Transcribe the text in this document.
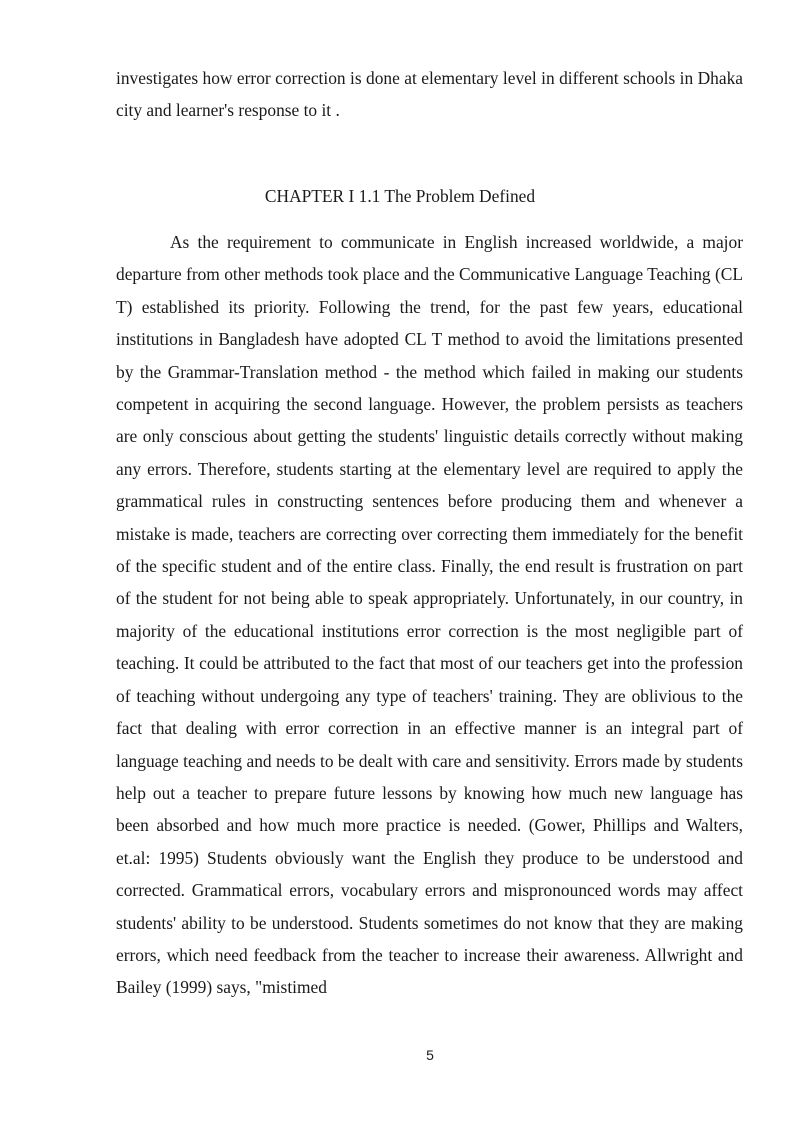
investigates how error correction is done at elementary level in different schools in Dhaka city and learner's response to it .

CHAPTER I 1.1 The Problem Defined

As the requirement to communicate in English increased worldwide, a major departure from other methods took place and the Communicative Language Teaching (CL T) established its priority. Following the trend, for the past few years, educational institutions in Bangladesh have adopted CL T method to avoid the limitations presented by the Grammar-Translation method - the method which failed in making our students competent in acquiring the second language. However, the problem persists as teachers are only conscious about getting the students' linguistic details correctly without making any errors. Therefore, students starting at the elementary level are required to apply the grammatical rules in constructing sentences before producing them and whenever a mistake is made, teachers are correcting over correcting them immediately for the benefit of the specific student and of the entire class. Finally, the end result is frustration on part of the student for not being able to speak appropriately. Unfortunately, in our country, in majority of the educational institutions error correction is the most negligible part of teaching. It could be attributed to the fact that most of our teachers get into the profession of teaching without undergoing any type of teachers' training. They are oblivious to the fact that dealing with error correction in an effective manner is an integral part of language teaching and needs to be dealt with care and sensitivity. Errors made by students help out a teacher to prepare future lessons by knowing how much new language has been absorbed and how much more practice is needed. (Gower, Phillips and Walters, et.al: 1995) Students obviously want the English they produce to be understood and corrected. Grammatical errors, vocabulary errors and mispronounced words may affect students' ability to be understood. Students sometimes do not know that they are making errors, which need feedback from the teacher to increase their awareness. Allwright and Bailey (1999) says, "mistimed

5
